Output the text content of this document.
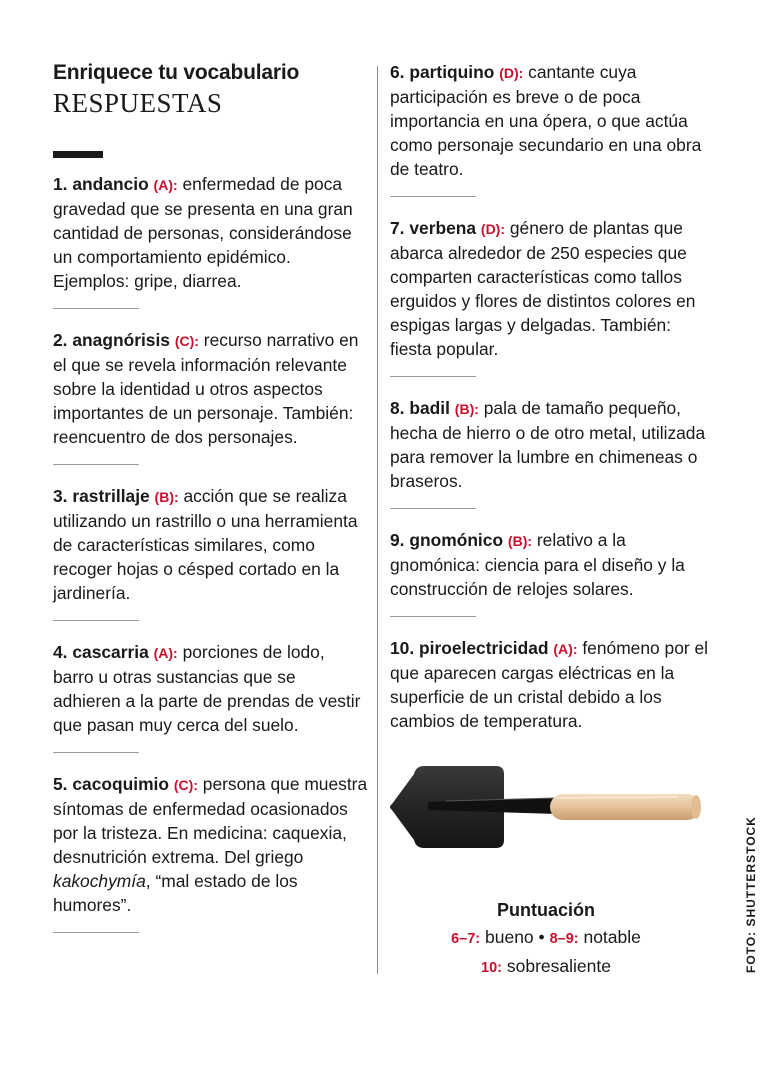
Enriquece tu vocabulario
RESPUESTAS
1. andancio (A): enfermedad de poca gravedad que se presenta en una gran cantidad de personas, considerándose un comportamiento epidémico. Ejemplos: gripe, diarrea.
2. anagnórisis (C): recurso narrativo en el que se revela información relevante sobre la identidad u otros aspectos importantes de un personaje. También: reencuentro de dos personajes.
3. rastrillaje (B): acción que se realiza utilizando un rastrillo o una herramienta de características similares, como recoger hojas o césped cortado en la jardinería.
4. cascarria (A): porciones de lodo, barro u otras sustancias que se adhieren a la parte de prendas de vestir que pasan muy cerca del suelo.
5. cacoquimio (C): persona que muestra síntomas de enfermedad ocasionados por la tristeza. En medicina: caquexia, desnutrición extrema. Del griego kakochymía, “mal estado de los humores”.
6. partiquino (D): cantante cuya participación es breve o de poca importancia en una ópera, o que actúa como personaje secundario en una obra de teatro.
7. verbena (D): género de plantas que abarca alrededor de 250 especies que comparten características como tallos erguidos y flores de distintos colores en espigas largas y delgadas. También: fiesta popular.
8. badil (B): pala de tamaño pequeño, hecha de hierro o de otro metal, utilizada para remover la lumbre en chimeneas o braseros.
9. gnomónico (B): relativo a la gnomónica: ciencia para el diseño y la construcción de relojes solares.
10. piroelectricidad (A): fenómeno por el que aparecen cargas eléctricas en la superficie de un cristal debido a los cambios de temperatura.
Puntuación
6–7: bueno • 8–9: notable
10: sobresaliente	FOTO: SHUTTERSTOCK
